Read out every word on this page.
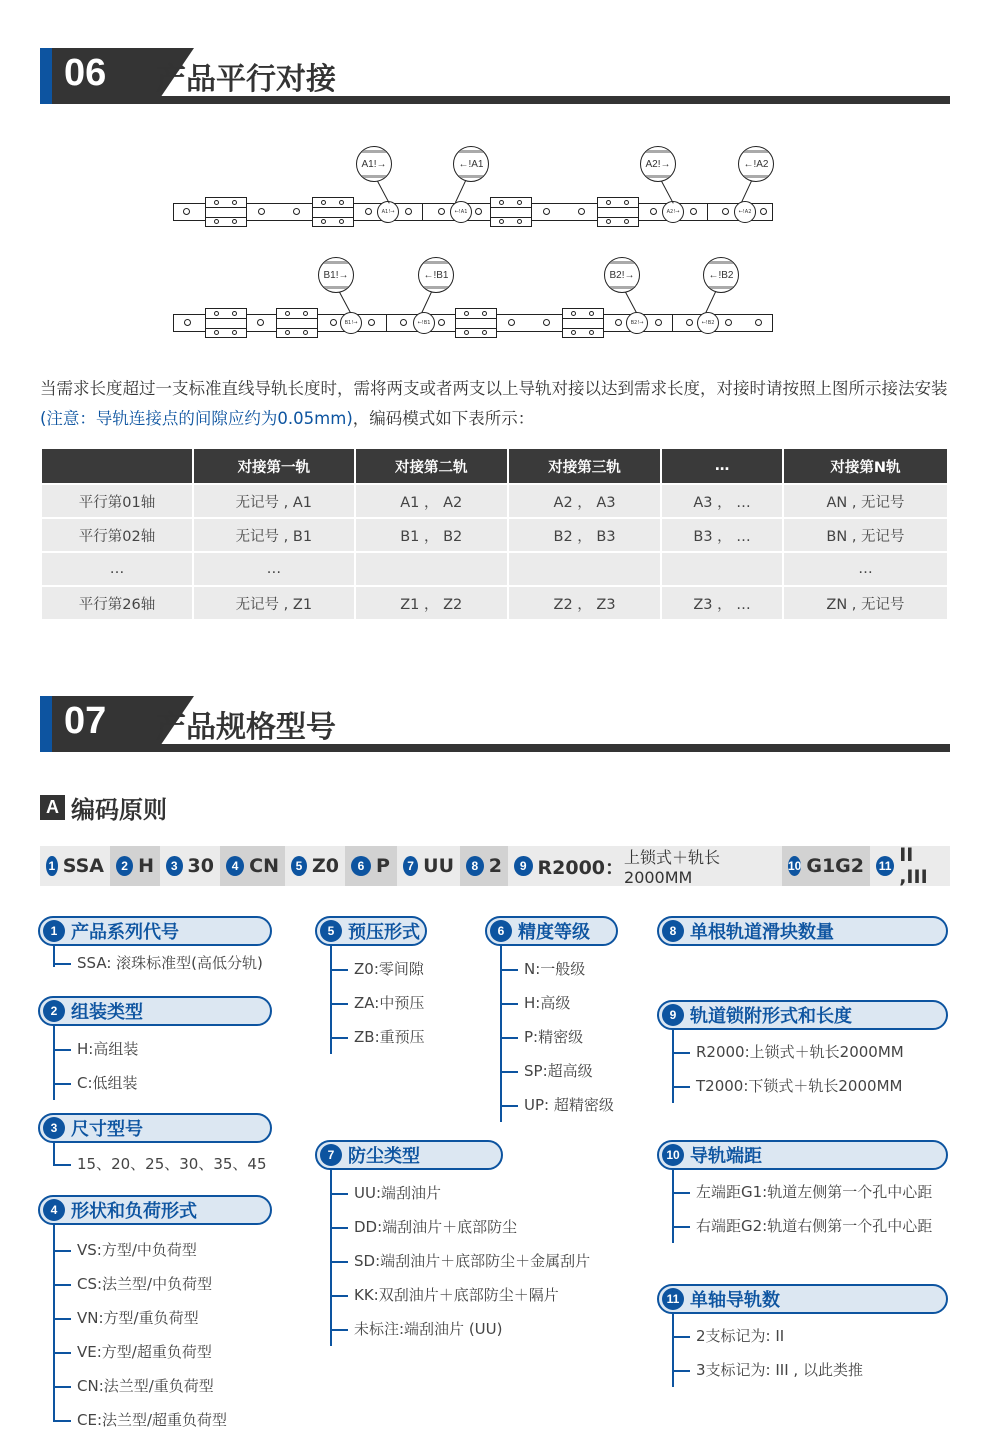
06 产品平行对接
A1!→	←!A1	A2!→	←!A2
A1!→	←!A1	A2!→	←!A2
B1!→	←!B1	B2!→	←!B2
B1!→	←!B1	B2!→	←!B2
当需求长度超过一支标准直线导轨长度时，需将两支或者两支以上导轨对接以达到需求长度，对接时请按照上图所示接法安装(注意：导轨连接点的间隙应约为0.05mm)，编码模式如下表所示：
	对接第一轨	对接第二轨	对接第三轨	…	对接第N轨
平行第01轴	无记号 , A1	A1 ， A2	A2 ， A3	A3 ， …	AN , 无记号
平行第02轴	无记号 , B1	B1 ， B2	B2 ， B3	B3 ， …	BN , 无记号
…	…				…
平行第26轴	无记号 , Z1	Z1 ， Z2	Z2 ， Z3	Z3 ， …	ZN , 无记号
07 产品规格型号
A 编码原则
1 SSA	2 H	3 30	4 CN	5 Z0	6 P	7 UU	8 2	9 R2000： 上锁式＋轨长2000MM
10 G1G2 11 II ,III
1 产品系列代号
SSA: 滚珠标准型(高低分轨)
2 组装类型
H:高组装
C:低组装
3 尺寸型号
15、20、25、30、35、45
4 形状和负荷形式
VS:方型/中负荷型
CS:法兰型/中负荷型
VN:方型/重负荷型
VE:方型/超重负荷型
CN:法兰型/重负荷型
CE:法兰型/超重负荷型
5 预压形式
Z0:零间隙
ZA:中预压
ZB:重预压
6 精度等级
N:一般级
H:高级
P:精密级
SP:超高级
UP: 超精密级
7 防尘类型
UU:端刮油片
DD:端刮油片＋底部防尘
SD:端刮油片＋底部防尘＋金属刮片
KK:双刮油片＋底部防尘＋隔片
未标注:端刮油片 (UU)
8 单根轨道滑块数量
9 轨道锁附形式和长度
R2000:上锁式＋轨长2000MM
T2000:下锁式＋轨长2000MM
10 导轨端距
左端距G1:轨道左侧第一个孔中心距
右端距G2:轨道右侧第一个孔中心距
11 单轴导轨数
2支标记为: II
3支标记为: III , 以此类推
